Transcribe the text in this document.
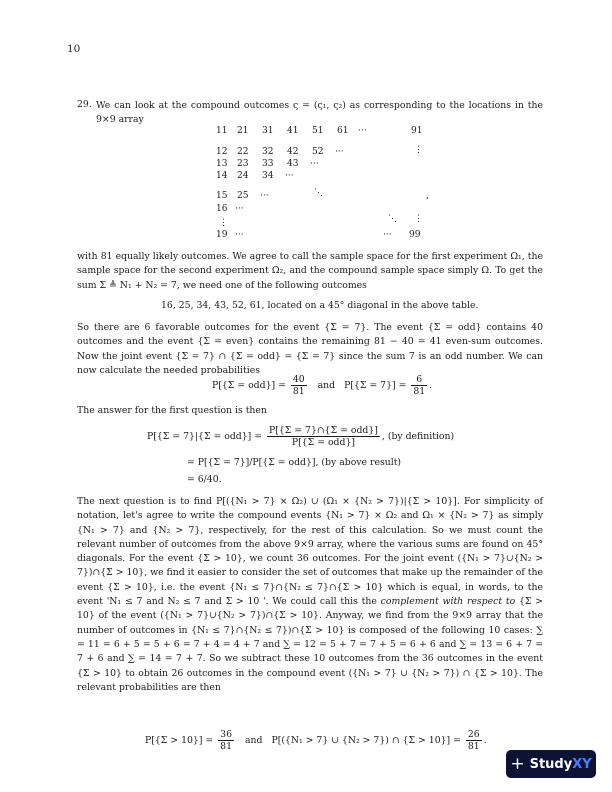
10
29. We can look at the compound outcomes ς = (ς₁, ς₂) as corresponding to the locations in the 9×9 array
11 21 31 41 51 61 ···	91
12 22 32 42 52 ···	⋮
13 23 33 43 ···
14 24 34 ···
15 25 ···	⋱	,
16 ···
⋮	⋱ ⋮
19 ···	··· 99
with 81 equally likely outcomes. We agree to call the sample space for the first experiment Ω₁, the sample space for the second experiment Ω₂, and the compound sample space simply Ω. To get the sum Σ ≜ N₁ + N₂ = 7, we need one of the following outcomes
16, 25, 34, 43, 52, 61, located on a 45° diagonal in the above table.
So there are 6 favorable outcomes for the event {Σ = 7}. The event {Σ = odd} contains 40 outcomes and the event {Σ = even} contains the remaining 81 − 40 = 41 even-sum outcomes. Now the joint event {Σ = 7} ∩ {Σ = odd} = {Σ = 7} since the sum 7 is an odd number. We can now calculate the needed probabilities
$P[\{\Sigma = odd\}] = \frac{40}{81}$ and $P[\{\Sigma = 7\}] = \frac{6}{81}$ .
The answer for the first question is then
$P[\{\Sigma = 7\}|\{\Sigma = odd\}] = \frac{\text{P[\{Σ = 7\}∩\{Σ = odd\}]}}{\text{P[\{Σ = odd\}]}}$ , (by definition)
= P[{Σ = 7}]/P[{Σ = odd}], (by above result)
= 6/40.
The next question is to find P[({N₁ > 7} × Ω₂) ∪ (Ω₁ × {N₂ > 7})|{Σ > 10}]. For simplicity of notation, let's agree to write the compound events {N₁ > 7} × Ω₂ and Ω₁ × {N₂ > 7} as simply {N₁ > 7} and {N₂ > 7}, respectively, for the rest of this calculation. So we must count the relevant number of outcomes from the above 9×9 array, where the various sums are found on 45° diagonals. For the event {Σ > 10}, we count 36 outcomes. For the joint event ({N₁ > 7}∪{N₂ > 7})∩{Σ > 10}, we find it easier to consider the set of outcomes that make up the remainder of the event {Σ > 10}, i.e. the event {N₁ ≤ 7}∩{N₂ ≤ 7}∩{Σ > 10} which is equal, in words, to the event 'N₁ ≤ 7 and N₂ ≤ 7 and Σ > 10 '. We could call this the complement with respect to {Σ > 10} of the event ({N₁ > 7}∪{N₂ > 7})∩{Σ > 10}. Anyway, we find from the 9×9 array that the number of outcomes in {N₁ ≤ 7}∩{N₂ ≤ 7})∩{Σ > 10} is composed of the following 10 cases: ∑ = 11 = 6 + 5 = 5 + 6 = 7 + 4 = 4 + 7 and ∑ = 12 = 5 + 7 = 7 + 5 = 6 + 6 and ∑ = 13 = 6 + 7 = 7 + 6 and ∑ = 14 = 7 + 7. So we subtract these 10 outcomes from the 36 outcomes in the event {Σ > 10} to obtain 26 outcomes in the compound event ({N₁ > 7} ∪ {N₂ > 7}) ∩ {Σ > 10}. The relevant probabilities are then
$P[\{\Sigma > 10\}] = \frac{36}{81}$ and P[({N₁ > 7} ∪ {N₂ > 7}) ∩ $\{\Sigma > 10\}] = \frac{26}{81}$ .
+ StudyXY
